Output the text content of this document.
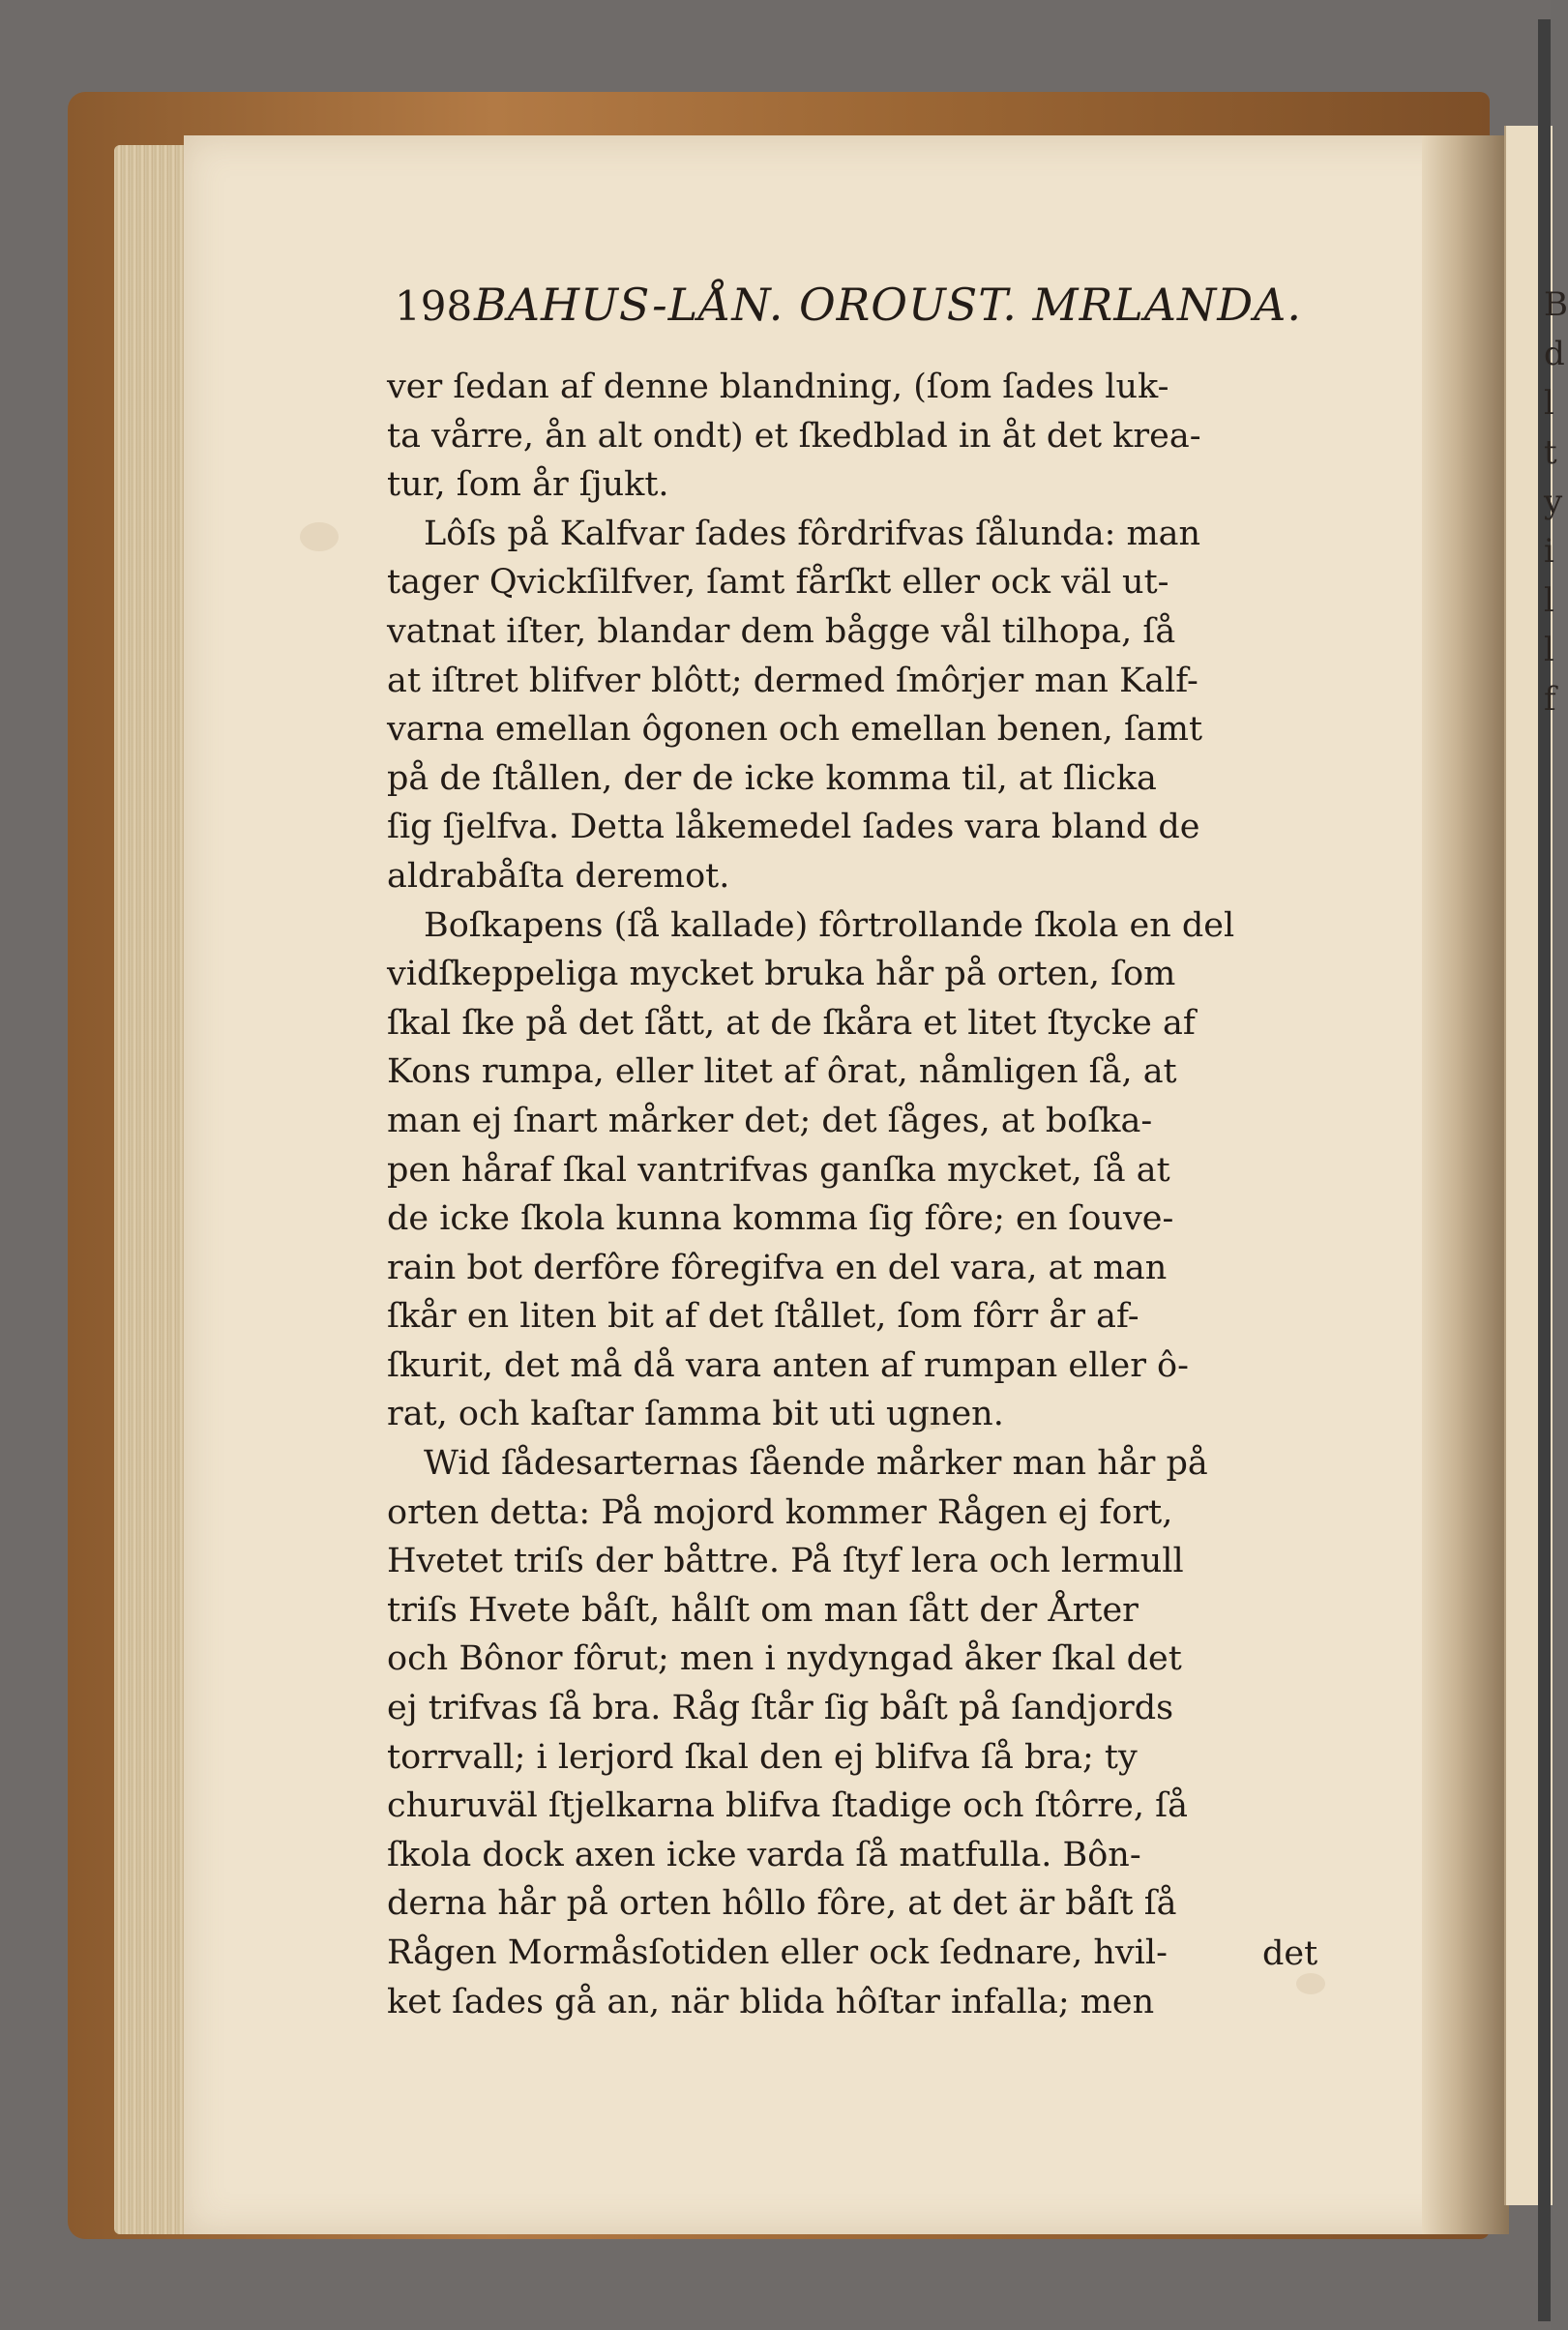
B
d
l
t
y
i
l
l
f
198 BAHUS-LÅN. OROUST. MRLANDA.
ver ſedan af denne blandning, (ſom ſades luk-
ta vårre, ån alt ondt) et ſkedblad in åt det krea-
tur, ſom år ſjukt.
Lôſs på Kalfvar ſades fôrdrifvas ſålunda: man
tager Qvickſilfver, ſamt fårſkt eller ock väl ut-
vatnat iſter, blandar dem bågge vål tilhopa, ſå
at iſtret blifver blôtt; dermed ſmôrjer man Kalf-
varna emellan ôgonen och emellan benen, ſamt
på de ſtållen, der de icke komma til, at ſlicka
ſig ſjelfva. Detta låkemedel ſades vara bland de
aldrabåſta deremot.
Boſkapens (ſå kallade) fôrtrollande ſkola en del
vidſkeppeliga mycket bruka hår på orten, ſom
ſkal ſke på det ſått, at de ſkåra et litet ſtycke af
Kons rumpa, eller litet af ôrat, nåmligen ſå, at
man ej ſnart mårker det; det ſåges, at boſka-
pen håraf ſkal vantrifvas ganſka mycket, ſå at
de icke ſkola kunna komma ſig fôre; en ſouve-
rain bot derfôre fôregifva en del vara, at man
ſkår en liten bit af det ſtållet, ſom fôrr år af-
ſkurit, det må då vara anten af rumpan eller ô-
rat, och kaſtar ſamma bit uti ugnen.
Wid ſådesarternas ſående mårker man hår på
orten detta: På mojord kommer Rågen ej fort,
Hvetet triſs der båttre. På ſtyf lera och lermull
triſs Hvete båſt, hålſt om man ſått der Årter
och Bônor fôrut; men i nydyngad åker ſkal det
ej trifvas ſå bra. Råg ſtår ſig båſt på ſandjords
torrvall; i lerjord ſkal den ej blifva ſå bra; ty
churuväl ſtjelkarna blifva ſtadige och ſtôrre, ſå
ſkola dock axen icke varda ſå matfulla. Bôn-
derna hår på orten hôllo fôre, at det är båſt ſå
Rågen Mormåsſotiden eller ock ſednare, hvil-
ket ſades gå an, när blida hôſtar infalla; men
det
